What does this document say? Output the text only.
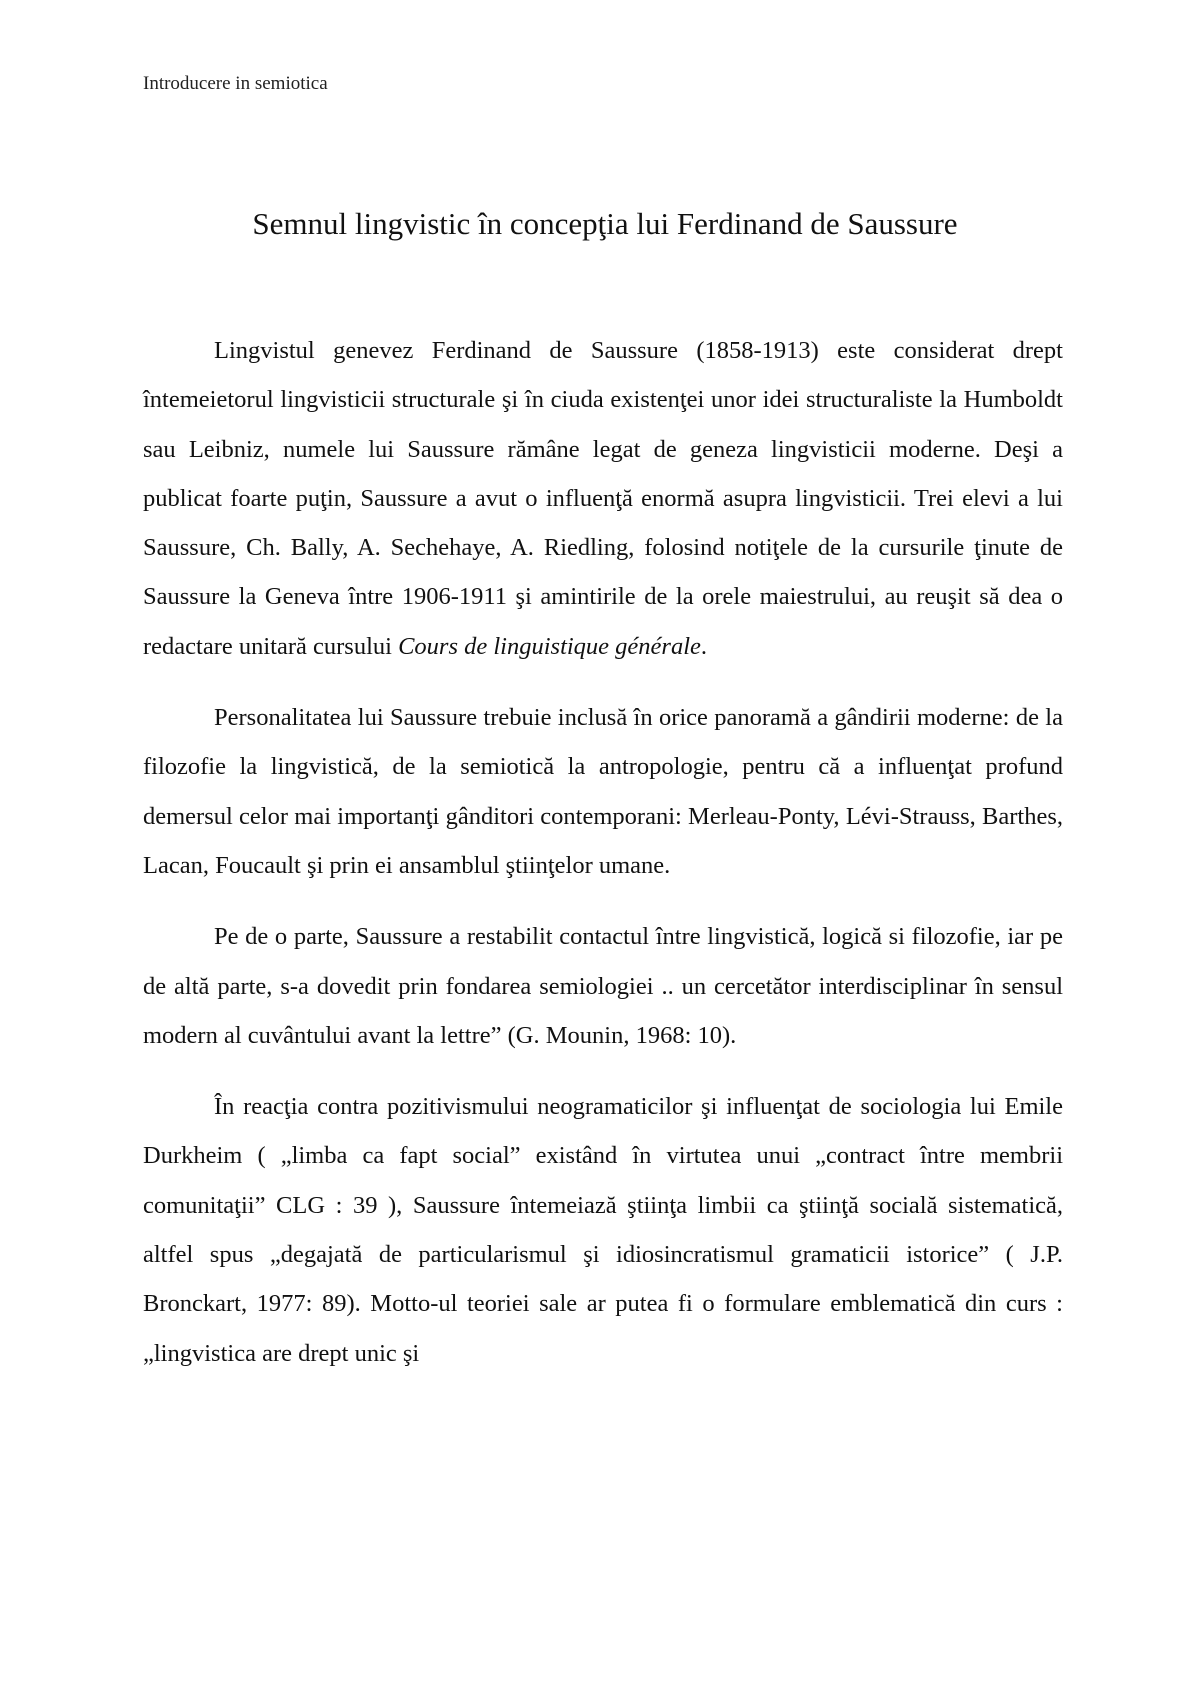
Introducere in semiotica
Semnul lingvistic în concepţia lui Ferdinand de Saussure

Lingvistul genevez Ferdinand de Saussure (1858-1913) este considerat drept întemeietorul lingvisticii structurale şi în ciuda existenţei unor idei structuraliste la Humboldt sau Leibniz, numele lui Saussure rămâne legat de geneza lingvisticii moderne. Deşi a publicat foarte puţin, Saussure a avut o influenţă enormă asupra lingvisticii. Trei elevi a lui Saussure, Ch. Bally, A. Sechehaye, A. Riedling, folosind notiţele de la cursurile ţinute de Saussure la Geneva între 1906-1911 şi amintirile de la orele maiestrului, au reuşit să dea o redactare unitară cursului Cours de linguistique générale.

Personalitatea lui Saussure trebuie inclusă în orice panoramă a gândirii moderne: de la filozofie la lingvistică, de la semiotică la antropologie, pentru că a influenţat profund demersul celor mai importanţi gânditori contemporani: Merleau-Ponty, Lévi-Strauss, Barthes, Lacan, Foucault şi prin ei ansamblul ştiinţelor umane.

Pe de o parte, Saussure a restabilit contactul între lingvistică, logică si filozofie, iar pe de altă parte, s-a dovedit prin fondarea semiologiei .. un cercetător interdisciplinar în sensul modern al cuvântului avant la lettre” (G. Mounin, 1968: 10).

În reacţia contra pozitivismului neogramaticilor şi influenţat de sociologia lui Emile Durkheim ( „limba ca fapt social” existând în virtutea unui „contract între membrii comunitaţii” CLG : 39 ), Saussure întemeiază ştiinţa limbii ca ştiinţă socială sistematică, altfel spus „degajată de particularismul şi idiosincratismul gramaticii istorice” ( J.P. Bronckart, 1977: 89). Motto-ul teoriei sale ar putea fi o formulare emblematică din curs : „lingvistica are drept unic şi
